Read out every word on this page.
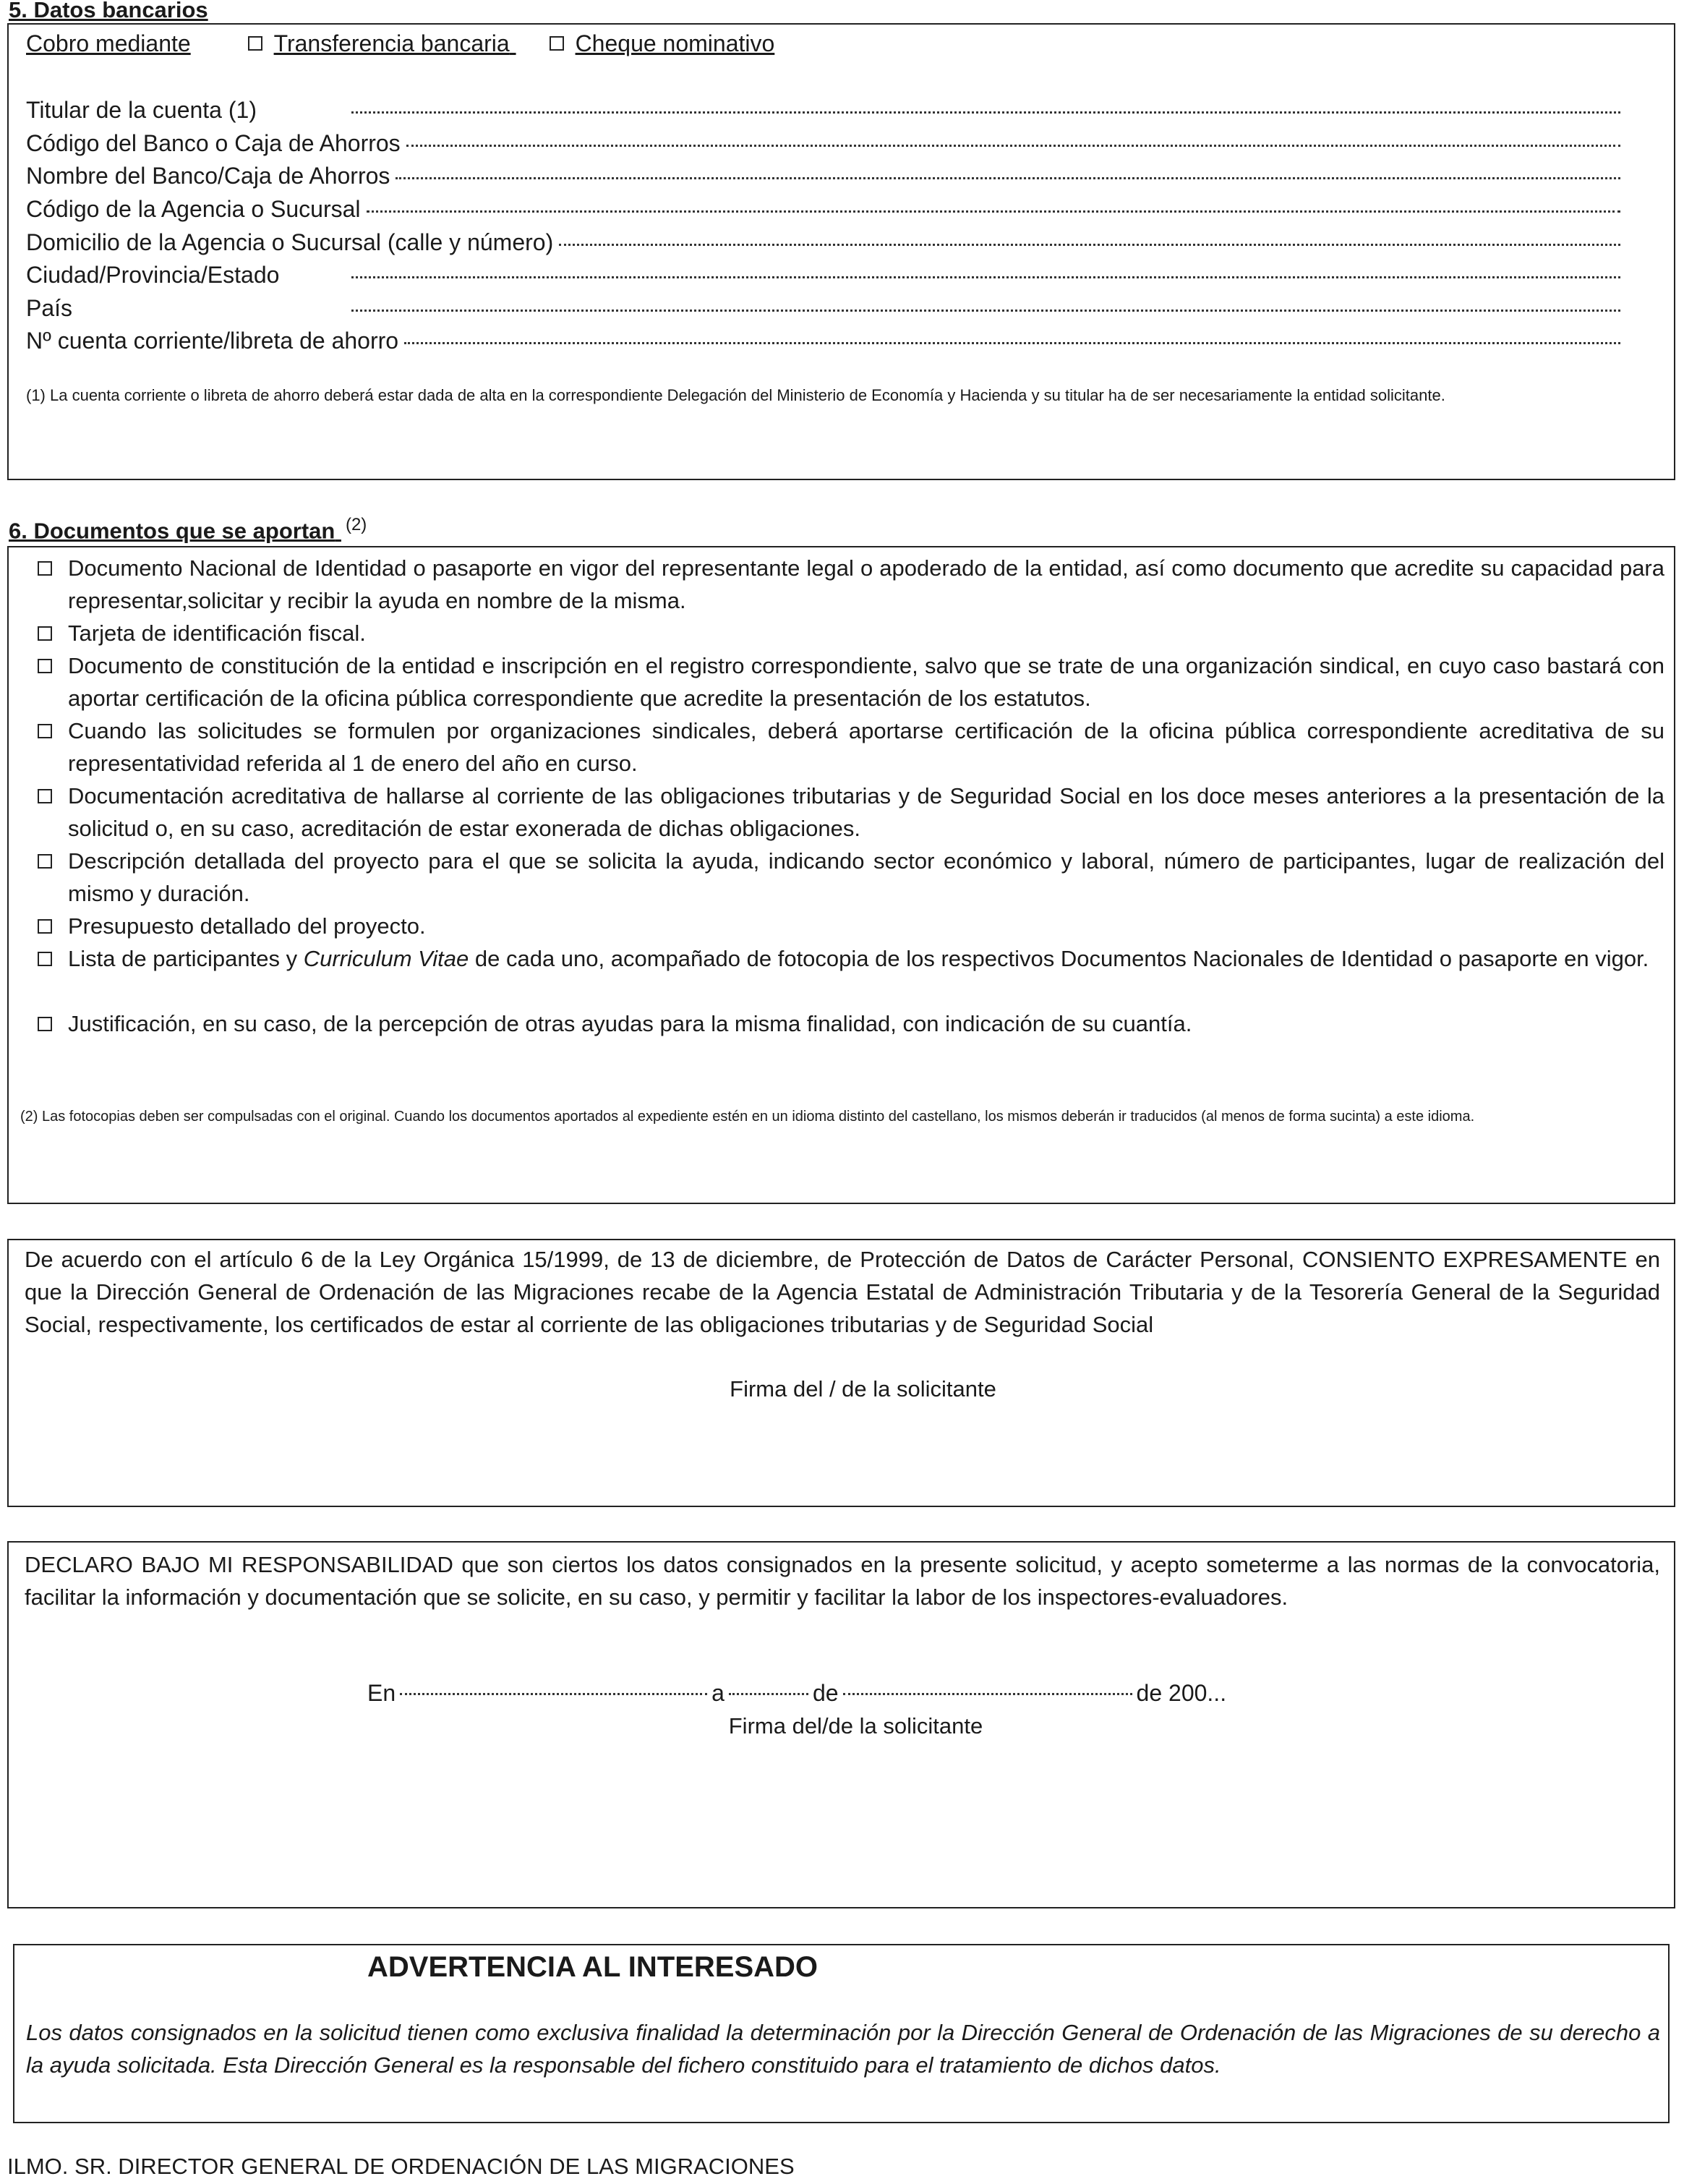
5. Datos bancarios
Cobro mediante	Transferencia bancaria	Cheque nominativo
Titular de la cuenta (1)
Código del Banco o Caja de Ahorros
Nombre del Banco/Caja de Ahorros
Código de la Agencia o Sucursal
Domicilio de la Agencia o Sucursal (calle y número)
Ciudad/Provincia/Estado
País
Nº cuenta corriente/libreta de ahorro
(1) La cuenta corriente o libreta de ahorro deberá estar dada de alta en la correspondiente Delegación del Ministerio de Economía y Hacienda y su titular ha de ser necesariamente la entidad solicitante.
6. Documentos que se aportan $^{(2)}$
Documento Nacional de Identidad o pasaporte en vigor del representante legal o apoderado de la entidad, así como documento que acredite su capacidad para representar,solicitar y recibir la ayuda en nombre de la misma.
Tarjeta de identificación fiscal.
Documento de constitución de la entidad e inscripción en el registro correspondiente, salvo que se trate de una organización sindical, en cuyo caso bastará con aportar certificación de la oficina pública correspondiente que acredite la presentación de los estatutos.
Cuando las solicitudes se formulen por organizaciones sindicales, deberá aportarse certificación de la oficina pública correspondiente acreditativa de su representatividad referida al 1 de enero del año en curso.
Documentación acreditativa de hallarse al corriente de las obligaciones tributarias y de Seguridad Social en los doce meses anteriores a la presentación de la solicitud o, en su caso, acreditación de estar exonerada de dichas obligaciones.
Descripción detallada del proyecto para el que se solicita la ayuda, indicando sector económico y laboral, número de participantes, lugar de realización del mismo y duración.
Presupuesto detallado del proyecto.
Lista de participantes y Curriculum Vitae de cada uno, acompañado de fotocopia de los respectivos Documentos Nacionales de Identidad o pasaporte en vigor.
Justificación, en su caso, de la percepción de otras ayudas para la misma finalidad, con indicación de su cuantía.
(2) Las fotocopias deben ser compulsadas con el original. Cuando los documentos aportados al expediente estén en un idioma distinto del castellano, los mismos deberán ir traducidos (al menos de forma sucinta) a este idioma.
De acuerdo con el artículo 6 de la Ley Orgánica 15/1999, de 13 de diciembre, de Protección de Datos de Carácter Personal, CONSIENTO EXPRESAMENTE en que la Dirección General de Ordenación de las Migraciones recabe de la Agencia Estatal de Administración Tributaria y de la Tesorería General de la Seguridad Social, respectivamente, los certificados de estar al corriente de las obligaciones tributarias y de Seguridad Social
Firma del / de la solicitante
DECLARO BAJO MI RESPONSABILIDAD que son ciertos los datos consignados en la presente solicitud, y acepto someterme a las normas de la convocatoria, facilitar la información y documentación que se solicite, en su caso, y permitir y facilitar la labor de los inspectores-evaluadores.
En	a	de	de 200...
Firma del/de la solicitante
ADVERTENCIA AL INTERESADO
Los datos consignados en la solicitud tienen como exclusiva finalidad la determinación por la Dirección General de Ordenación de las Migraciones de su derecho a la ayuda solicitada. Esta Dirección General es la responsable del fichero constituido para el tratamiento de dichos datos.
ILMO. SR. DIRECTOR GENERAL DE ORDENACIÓN DE LAS MIGRACIONES
